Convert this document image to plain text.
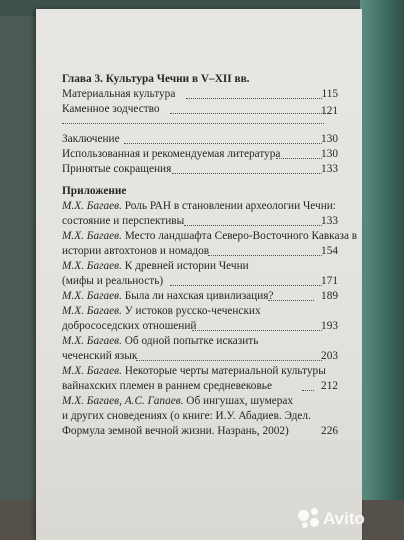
Глава 3. Культура Чечни в V–XII вв.
Материальная культура	115
Каменное зодчество	121
Заключение	130
Использованная и рекомендуемая литература	130
Принятые сокращения	133
Приложение
М.Х. Багаев. Роль РАН в становлении археологии Чечни:
состояние и перспективы	133
М.Х. Багаев. Место ландшафта Северо-Восточного Кавказа в
истории автохтонов и номадов	154
М.Х. Багаев. К древней истории Чечни
(мифы и реальность)	171
М.Х. Багаев. Была ли нахская цивилизация?	189
М.Х. Багаев. У истоков русско-чеченских
добрососедских отношений	193
М.Х. Багаев. Об одной попытке исказить
чеченский язык	203
М.Х. Багаев. Некоторые черты материальной культуры
вайнахских племен в раннем средневековье	212
М.Х. Багаев, А.С. Гапаев. Об ингушах, шумерах
и других сноведениях (о книге: И.У. Абадиев. Эдел.
Формула земной вечной жизни. Назрань, 2002)	226
Avito
